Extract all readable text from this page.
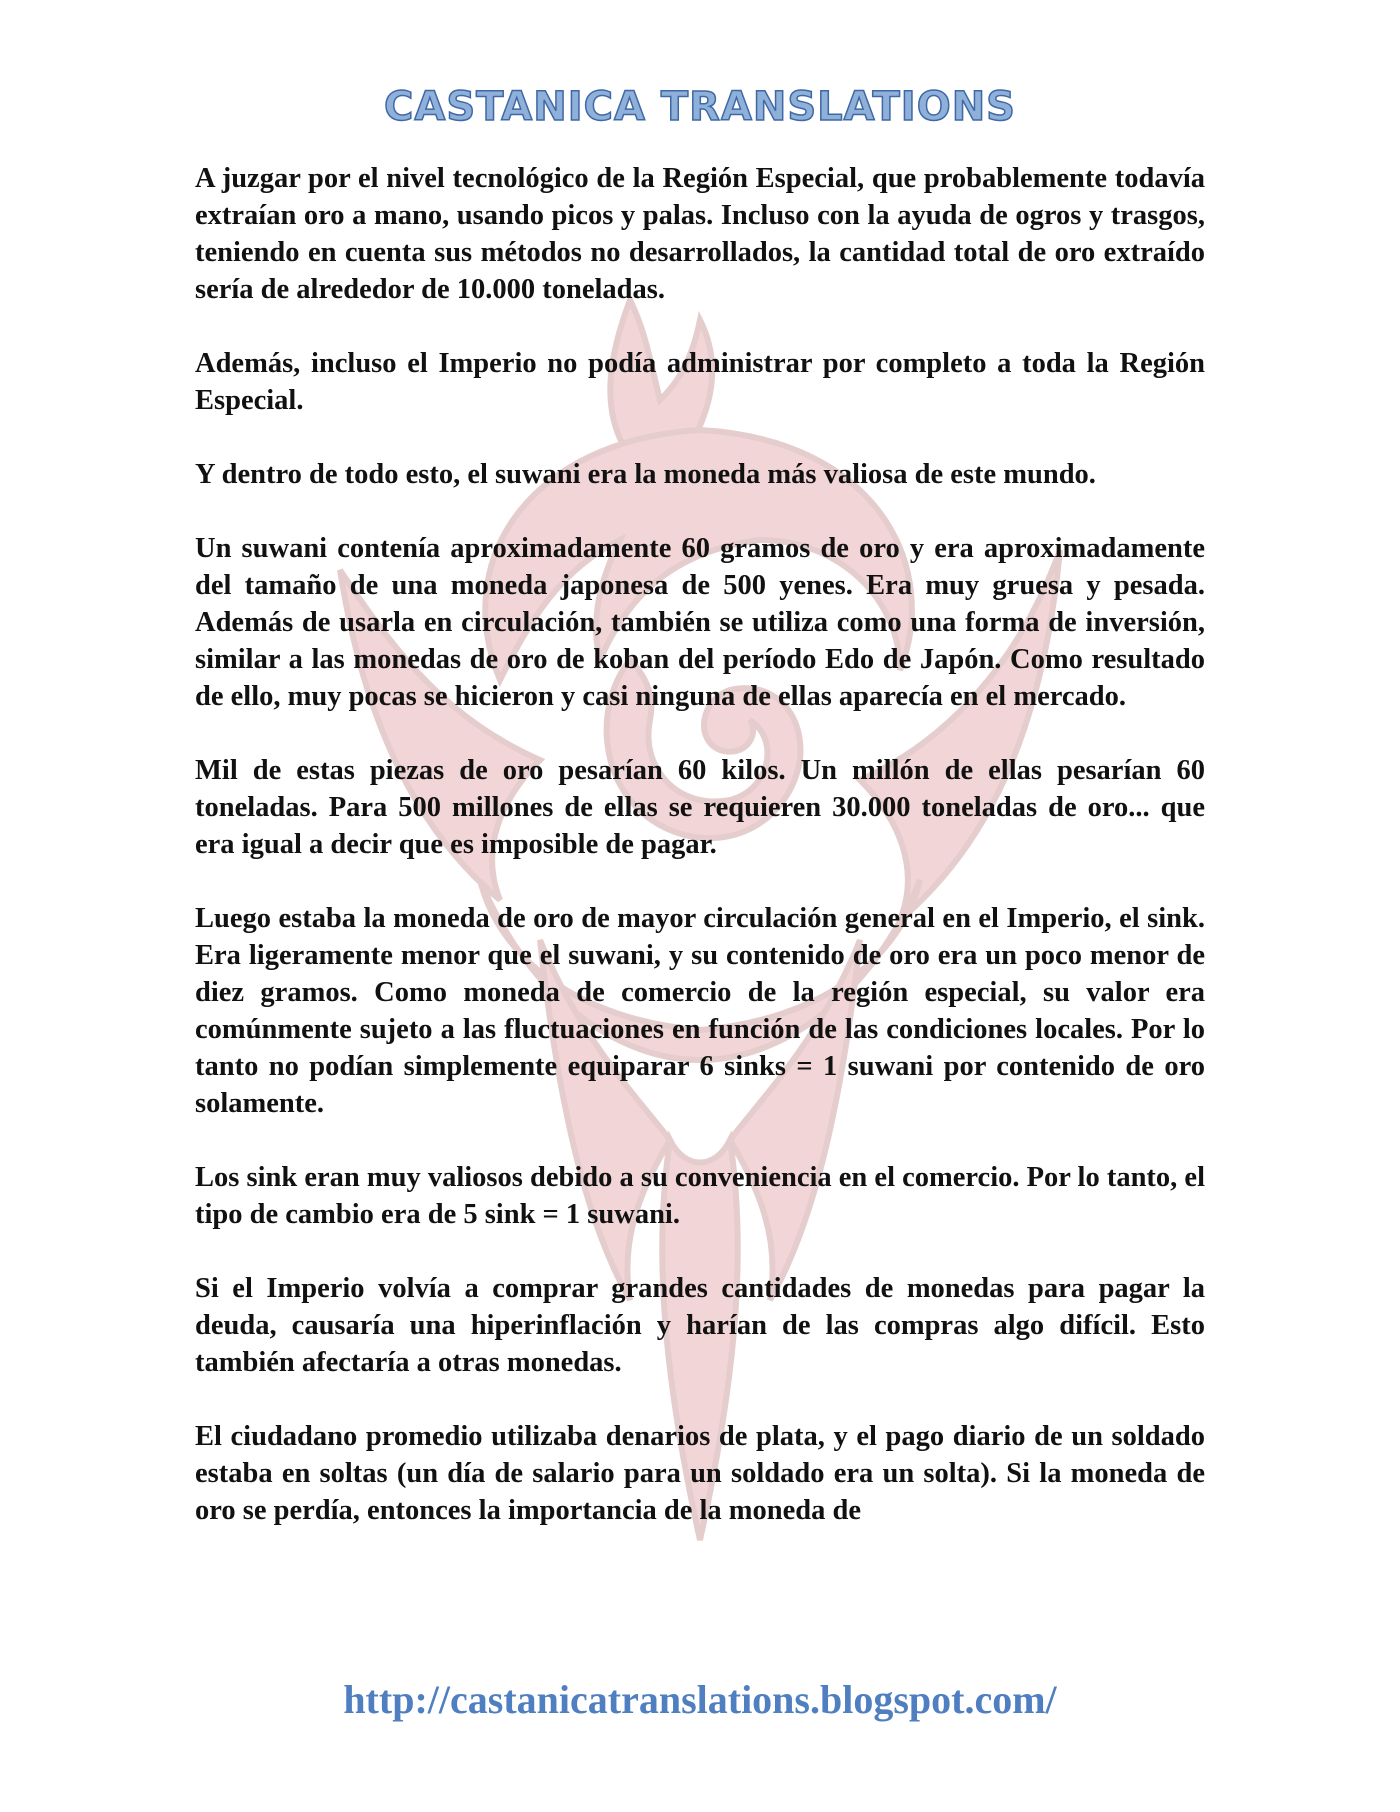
CASTANICA TRANSLATIONS

A juzgar por el nivel tecnológico de la Región Especial, que probablemente todavía extraían oro a mano, usando picos y palas. Incluso con la ayuda de ogros y trasgos, teniendo en cuenta sus métodos no desarrollados, la cantidad total de oro extraído sería de alrededor de 10.000 toneladas.

Además, incluso el Imperio no podía administrar por completo a toda la Región Especial.

Y dentro de todo esto, el suwani era la moneda más valiosa de este mundo.

Un suwani contenía aproximadamente 60 gramos de oro y era aproximadamente del tamaño de una moneda japonesa de 500 yenes. Era muy gruesa y pesada. Además de usarla en circulación, también se utiliza como una forma de inversión, similar a las monedas de oro de koban del período Edo de Japón. Como resultado de ello, muy pocas se hicieron y casi ninguna de ellas aparecía en el mercado.

Mil de estas piezas de oro pesarían 60 kilos. Un millón de ellas pesarían 60 toneladas. Para 500 millones de ellas se requieren 30.000 toneladas de oro... que era igual a decir que es imposible de pagar.

Luego estaba la moneda de oro de mayor circulación general en el Imperio, el sink. Era ligeramente menor que el suwani, y su contenido de oro era un poco menor de diez gramos. Como moneda de comercio de la región especial, su valor era comúnmente sujeto a las fluctuaciones en función de las condiciones locales. Por lo tanto no podían simplemente equiparar 6 sinks = 1 suwani por contenido de oro solamente.

Los sink eran muy valiosos debido a su conveniencia en el comercio. Por lo tanto, el tipo de cambio era de 5 sink = 1 suwani.

Si el Imperio volvía a comprar grandes cantidades de monedas para pagar la deuda, causaría una hiperinflación y harían de las compras algo difícil. Esto también afectaría a otras monedas.

El ciudadano promedio utilizaba denarios de plata, y el pago diario de un soldado estaba en soltas (un día de salario para un soldado era un solta). Si la moneda de oro se perdía, entonces la importancia de la moneda de

http://castanicatranslations.blogspot.com/
